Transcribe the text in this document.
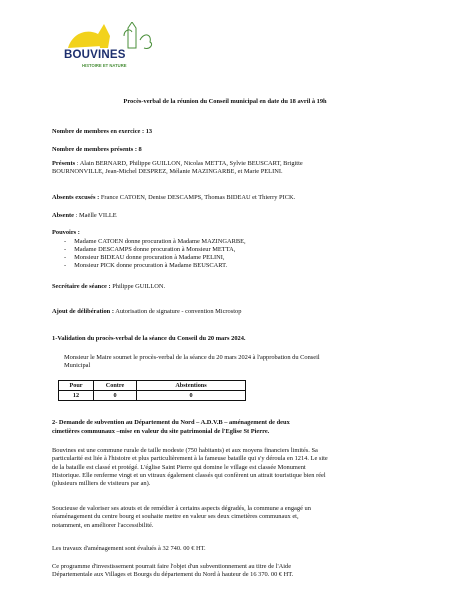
BOUVINES
HISTOIRE ET NATURE
Procès-verbal de la réunion du Conseil municipal en date du 18 avril à 19h
Nombre de membres en exercice : 13
Nombre de membres présents : 8
Présents : Alain BERNARD, Philippe GUILLON, Nicolas METTA, Sylvie BEUSCART, Brigitte
BOURNONVILLE, Jean-Michel DESPREZ, Mélanie MAZINGARBE, et Marie PELINI.
Absents excusés : France CATOEN, Denise DESCAMPS, Thomas BIDEAU et Thierry PICK.
Absente : Maëlle VILLE
Pouvoirs :
-     Madame CATOEN donne procuration à Madame MAZINGARBE,
-     Madame DESCAMPS donne procuration à Monsieur METTA,
-     Monsieur BIDEAU donne procuration à Madame PELINI,
-     Monsieur PICK donne procuration à Madame BEUSCART.
Secrétaire de séance : Philippe GUILLON.
Ajout de délibération : Autorisation de signature - convention Microstop
1-Validation du procès-verbal de la séance du Conseil du 20 mars 2024.
Monsieur le Maire soumet le procès-verbal de la séance du 20 mars 2024 à l'approbation du Conseil
Municipal
Pour	Contre	Abstentions
12	0	0
2- Demande de subvention au Département du Nord – A.D.V.B – aménagement de deux
cimetières communaux –mise en valeur du site patrimonial de l'Eglise St Pierre.
Bouvines est une commune rurale de taille modeste (750 habitants) et aux moyens financiers limités. Sa
particularité est liée à l'histoire et plus particulièrement à la fameuse bataille qui s'y déroula en 1214. Le site
de la bataille est classé et protégé. L'église Saint Pierre qui domine le village est classée Monument
Historique. Elle renferme vingt et un vitraux également classés qui confèrent un attrait touristique bien réel
(plusieurs milliers de visiteurs par an).
Soucieuse de valoriser ses atouts et de remédier à certains aspects dégradés, la commune a engagé un
réaménagement du centre bourg et souhaite mettre en valeur ses deux cimetières communaux et,
notamment, en améliorer l'accessibilité.
Les travaux d'aménagement sont évalués à 32 740. 00 € HT.
Ce programme d'investissement pourrait faire l'objet d'un subventionnement au titre de l'Aide
Départementale aux Villages et Bourgs du département du Nord à hauteur de 16 370. 00 € HT.
